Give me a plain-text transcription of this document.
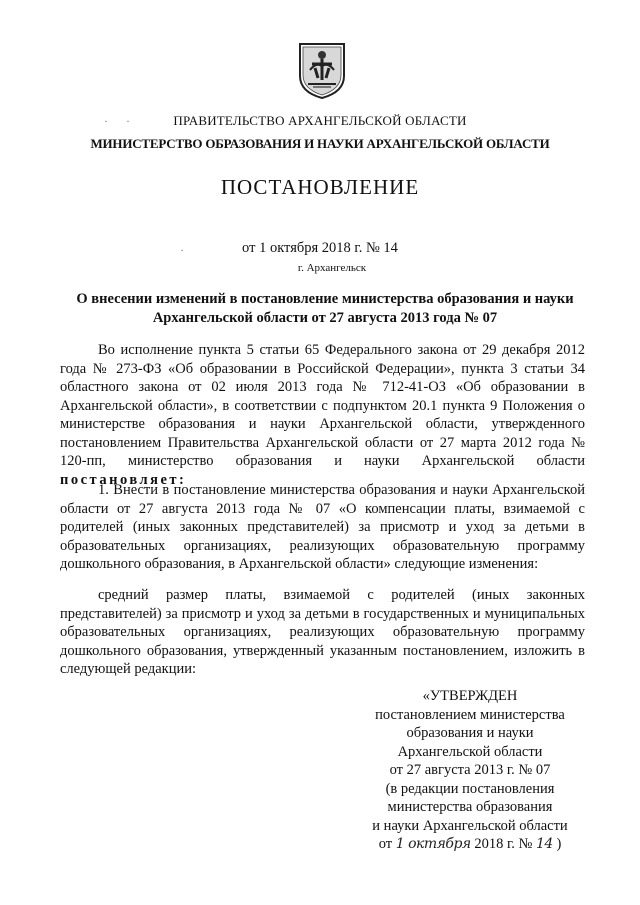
· ·	ПРАВИТЕЛЬСТВО АРХАНГЕЛЬСКОЙ ОБЛАСТИ
МИНИСТЕРСТВО ОБРАЗОВАНИЯ И НАУКИ АРХАНГЕЛЬСКОЙ ОБЛАСТИ
ПОСТАНОВЛЕНИЕ
·	от 1 октября 2018 г. № 14
г. Архангельск
О внесении изменений в постановление министерства образования и науки Архангельской области от 27 августа 2013 года № 07
Во исполнение пункта 5 статьи 65 Федерального закона от 29 декабря 2012 года № 273-ФЗ «Об образовании в Российской Федерации», пункта 3 статьи 34 областного закона от 02 июля 2013 года № 712-41-ОЗ «Об образовании в Архангельской области», в соответствии с подпунктом 20.1 пункта 9 Положения о министерстве образования и науки Архангельской области, утвержденного постановлением Правительства Архангельской области от 27 марта 2012 года № 120-пп, министерство образования и науки Архангельской области постановляет:
1. Внести в постановление министерства образования и науки Архангельской области от 27 августа 2013 года № 07 «О компенсации платы, взимаемой с родителей (иных законных представителей) за присмотр и уход за детьми в образовательных организациях, реализующих образовательную программу дошкольного образования, в Архангельской области» следующие изменения:
средний размер платы, взимаемой с родителей (иных законных представителей) за присмотр и уход за детьми в государственных и муниципальных образовательных организациях, реализующих образовательную программу дошкольного образования, утвержденный указанным постановлением, изложить в следующей редакции:
«УТВЕРЖДЕН
постановлением министерства
образования и науки
Архангельской области
от 27 августа 2013 г. № 07
(в редакции постановления
министерства образования
и науки Архангельской области
от 1 октября 2018 г. № 14 )
